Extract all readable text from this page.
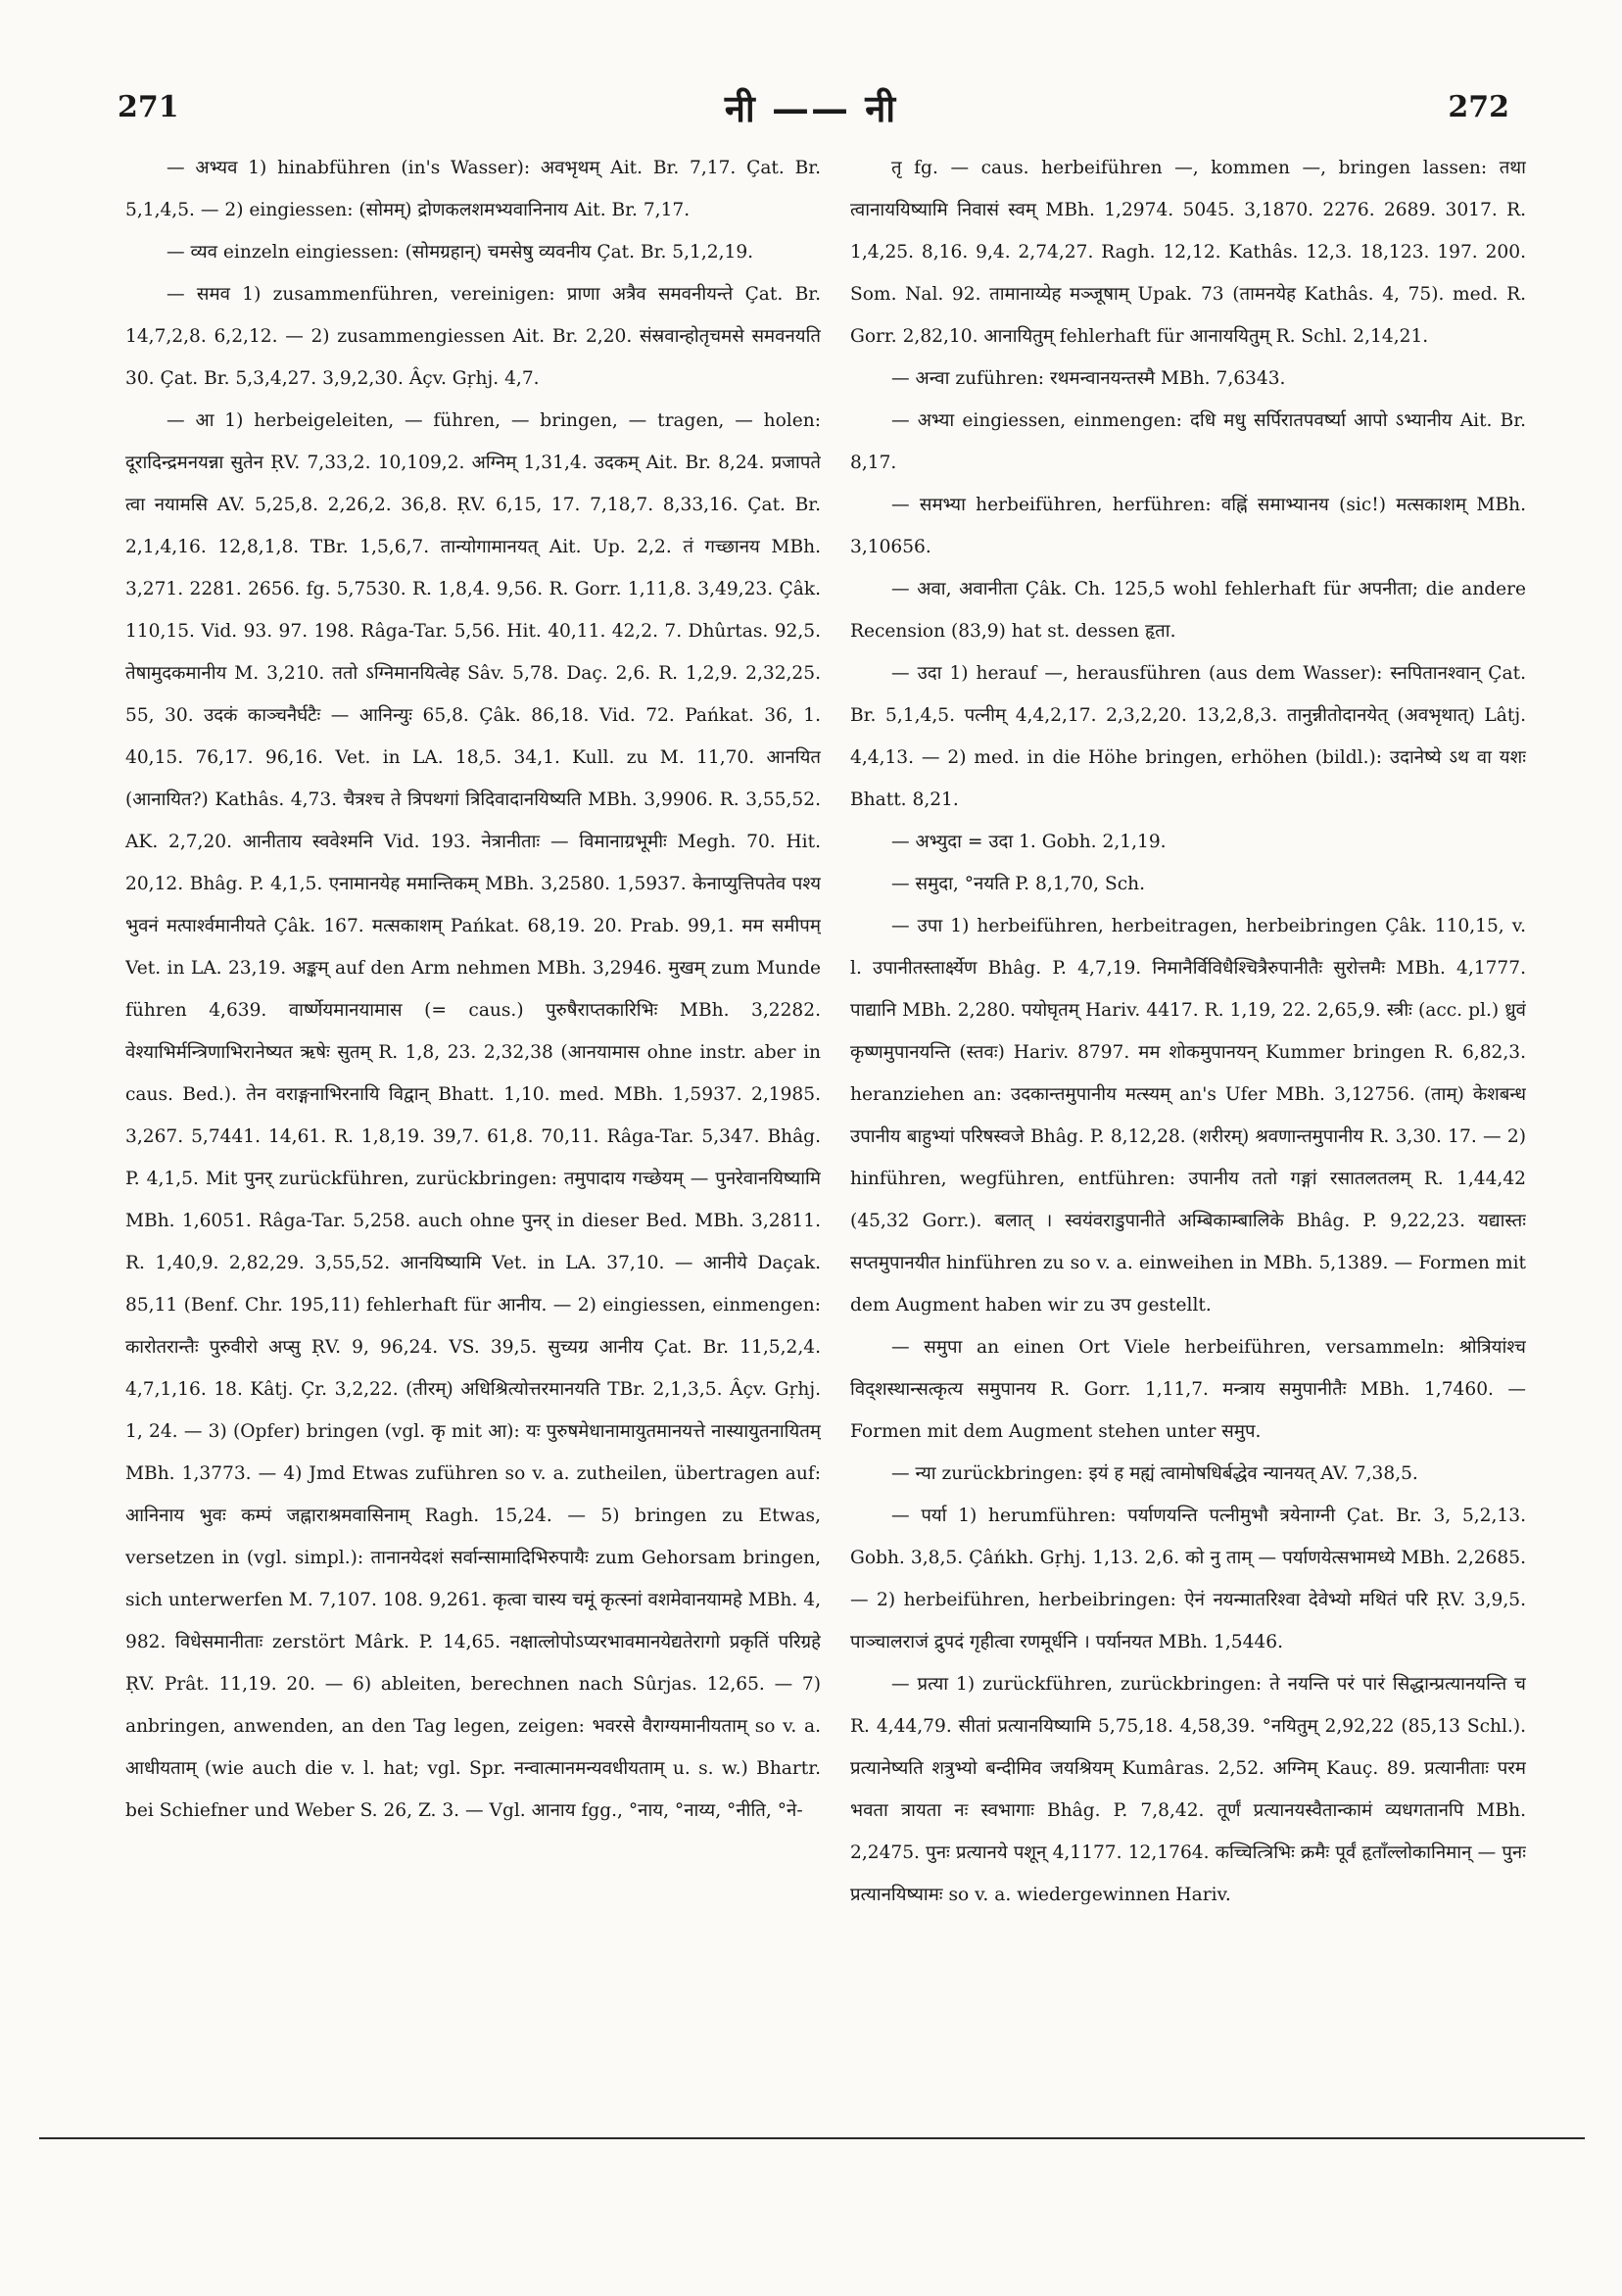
271	नी —— नी	272

— अभ्यव 1) hinabführen (in's Wasser): अवभृथम् Ait. Br. 7,17. Çat. Br. 5,1,4,5. — 2) eingiessen: (सोमम्) द्रोणकलशमभ्यवानिनाय Ait. Br. 7,17.

— व्यव einzeln eingiessen: (सोमग्रहान्) चमसेषु व्यवनीय Çat. Br. 5,1,2,19.

— समव 1) zusammenführen, vereinigen: प्राणा अत्रैव समवनीयन्ते Çat. Br. 14,7,2,8. 6,2,12. — 2) zusammengiessen Ait. Br. 2,20. संस्रवान्होतृचमसे समवनयति 30. Çat. Br. 5,3,4,27. 3,9,2,30. Âçv. Gṛhj. 4,7.

— आ 1) herbeigeleiten, — führen, — bringen, — tragen, — holen: दूरादिन्द्रमनयन्ना सुतेन ṚV. 7,33,2. 10,109,2. अग्निम् 1,31,4. उदकम् Ait. Br. 8,24. प्रजापते त्वा नयामसि AV. 5,25,8. 2,26,2. 36,8. ṚV. 6,15, 17. 7,18,7. 8,33,16. Çat. Br. 2,1,4,16. 12,8,1,8. TBr. 1,5,6,7. तान्योगामानयत् Ait. Up. 2,2. तं गच्छानय MBh. 3,271. 2281. 2656. fg. 5,7530. R. 1,8,4. 9,56. R. Gorr. 1,11,8. 3,49,23. Çâk. 110,15. Vid. 93. 97. 198. Râga-Tar. 5,56. Hit. 40,11. 42,2. 7. Dhûrtas. 92,5. तेषामुदकमानीय M. 3,210. ततो ऽग्निमानयित्वेह Sâv. 5,78. Daç. 2,6. R. 1,2,9. 2,32,25. 55, 30. उदकं काञ्चनैर्घटैः — आनिन्युः 65,8. Çâk. 86,18. Vid. 72. Pańkat. 36, 1. 40,15. 76,17. 96,16. Vet. in LA. 18,5. 34,1. Kull. zu M. 11,70. आनयित (आनायित?) Kathâs. 4,73. चैत्रश्च ते त्रिपथगां त्रिदिवादानयिष्यति MBh. 3,9906. R. 3,55,52. AK. 2,7,20. आनीताय स्ववेश्मनि Vid. 193. नेत्रानीताः — विमानाग्रभूमीः Megh. 70. Hit. 20,12. Bhâg. P. 4,1,5. एनामानयेह ममान्तिकम् MBh. 3,2580. 1,5937. केनाप्युत्तिपतेव पश्य भुवनं मत्पार्श्वमानीयते Çâk. 167. मत्सकाशम् Pańkat. 68,19. 20. Prab. 99,1. मम समीपम् Vet. in LA. 23,19. अङ्कम् auf den Arm nehmen MBh. 3,2946. मुखम् zum Munde führen 4,639. वार्ष्णेयमानयामास (= caus.) पुरुषैराप्तकारिभिः MBh. 3,2282. वेश्याभिर्मन्त्रिणाभिरानेष्यत ऋषेः सुतम् R. 1,8, 23. 2,32,38 (आनयामास ohne instr. aber in caus. Bed.). तेन वराङ्गनाभिरनायि विद्वान् Bhatt. 1,10. med. MBh. 1,5937. 2,1985. 3,267. 5,7441. 14,61. R. 1,8,19. 39,7. 61,8. 70,11. Râga-Tar. 5,347. Bhâg. P. 4,1,5. Mit पुनर् zurückführen, zurückbringen: तमुपादाय गच्छेयम् — पुनरेवानयिष्यामि MBh. 1,6051. Râga-Tar. 5,258. auch ohne पुनर् in dieser Bed. MBh. 3,2811. R. 1,40,9. 2,82,29. 3,55,52. आनयिष्यामि Vet. in LA. 37,10. — आनीये Daçak. 85,11 (Benf. Chr. 195,11) fehlerhaft für आनीय. — 2) eingiessen, einmengen: कारोतरान्तैः पुरुवीरो अप्सु ṚV. 9, 96,24. VS. 39,5. सुच्यग्र आनीय Çat. Br. 11,5,2,4. 4,7,1,16. 18. Kâtj. Çr. 3,2,22. (तीरम्) अधिश्रित्योत्तरमानयति TBr. 2,1,3,5. Âçv. Gṛhj. 1, 24. — 3) (Opfer) bringen (vgl. कृ mit आ): यः पुरुषमेधानामायुतमानयत्ते नास्यायुतनायितम् MBh. 1,3773. — 4) Jmd Etwas zuführen so v. a. zutheilen, übertragen auf: आनिनाय भुवः कम्पं जह्नाराश्रमवासिनाम् Ragh. 15,24. — 5) bringen zu Etwas, versetzen in (vgl. simpl.): तानानयेदशं सर्वान्सामादिभिरुपायैः zum Gehorsam bringen, sich unterwerfen M. 7,107. 108. 9,261. कृत्वा चास्य चमूं कृत्स्नां वशमेवानयामहे MBh. 4, 982. विधेसमानीताः zerstört Mârk. P. 14,65. नक्षात्लोपोऽप्यरभावमानयेद्यतेरागो प्रकृतिं परिग्रहे ṚV. Prât. 11,19. 20. — 6) ableiten, berechnen nach Sûrjas. 12,65. — 7) anbringen, anwenden, an den Tag legen, zeigen: भवरसे वैराग्यमानीयताम् so v. a. आधीयताम् (wie auch die v. l. hat; vgl. Spr. नन्वात्मानमन्यवधीयताम् u. s. w.) Bhartr. bei Schiefner und Weber S. 26, Z. 3. — Vgl. आनाय fgg., °नाय, °नाय्य, °नीति, °ने-

तृ fg. — caus. herbeiführen —, kommen —, bringen lassen: तथा त्वानाययिष्यामि निवासं स्वम् MBh. 1,2974. 5045. 3,1870. 2276. 2689. 3017. R. 1,4,25. 8,16. 9,4. 2,74,27. Ragh. 12,12. Kathâs. 12,3. 18,123. 197. 200. Som. Nal. 92. तामानाय्येह मञ्जूषाम् Upak. 73 (तामनयेह Kathâs. 4, 75). med. R. Gorr. 2,82,10. आनायितुम् fehlerhaft für आनाययितुम् R. Schl. 2,14,21.

— अन्वा zuführen: रथमन्वानयन्तस्मै MBh. 7,6343.

— अभ्या eingiessen, einmengen: दधि मधु सर्पिरातपवर्ष्या आपो ऽभ्यानीय Ait. Br. 8,17.

— समभ्या herbeiführen, herführen: वह्निं समाभ्यानय (sic!) मत्सकाशम् MBh. 3,10656.

— अवा, अवानीता Çâk. Ch. 125,5 wohl fehlerhaft für अपनीता; die andere Recension (83,9) hat st. dessen हृता.

— उदा 1) herauf —, herausführen (aus dem Wasser): स्नपितानश्वान् Çat. Br. 5,1,4,5. पत्नीम् 4,4,2,17. 2,3,2,20. 13,2,8,3. तानुन्नीतोदानयेत् (अवभृथात्) Lâtj. 4,4,13. — 2) med. in die Höhe bringen, erhöhen (bildl.): उदानेष्ये ऽथ वा यशः Bhatt. 8,21.

— अभ्युदा = उदा 1. Gobh. 2,1,19.

— समुदा, °नयति P. 8,1,70, Sch.

— उपा 1) herbeiführen, herbeitragen, herbeibringen Çâk. 110,15, v. l. उपानीतस्तार्क्ष्येण Bhâg. P. 4,7,19. निमानैर्विविधैश्चित्रैरुपानीतैः सुरोत्तमैः MBh. 4,1777. पाद्यानि MBh. 2,280. पयोघृतम् Hariv. 4417. R. 1,19, 22. 2,65,9. स्त्रीः (acc. pl.) ध्रुवं कृष्णमुपानयन्ति (स्तवः) Hariv. 8797. मम शोकमुपानयन् Kummer bringen R. 6,82,3. heranziehen an: उदकान्तमुपानीय मत्स्यम् an's Ufer MBh. 3,12756. (ताम्) केशबन्ध उपानीय बाहुभ्यां परिषस्वजे Bhâg. P. 8,12,28. (शरीरम्) श्रवणान्तमुपानीय R. 3,30. 17. — 2) hinführen, wegführen, entführen: उपानीय ततो गङ्गां रसातलतलम् R. 1,44,42 (45,32 Gorr.). बलात् । स्वयंवराडुपानीते अम्बिकाम्बालिके Bhâg. P. 9,22,23. यद्यास्तः सप्तमुपानयीत hinführen zu so v. a. einweihen in MBh. 5,1389. — Formen mit dem Augment haben wir zu उप gestellt.

— समुपा an einen Ort Viele herbeiführen, versammeln: श्रोत्रियांश्च विद्शस्थान्सत्कृत्य समुपानय R. Gorr. 1,11,7. मन्त्राय समुपानीतैः MBh. 1,7460. — Formen mit dem Augment stehen unter समुप.

— न्या zurückbringen: इयं ह मह्यं त्वामोषधिर्बद्धेव न्यानयत् AV. 7,38,5.

— पर्या 1) herumführen: पर्याणयन्ति पत्नीमुभौ त्रयेनाग्नी Çat. Br. 3, 5,2,13. Gobh. 3,8,5. Çâńkh. Gṛhj. 1,13. 2,6. को नु ताम् — पर्याणयेत्सभामध्ये MBh. 2,2685. — 2) herbeiführen, herbeibringen: ऐनं नयन्मातरिश्वा देवेभ्यो मथितं परि ṚV. 3,9,5. पाञ्चालराजं द्रुपदं गृहीत्वा रणमूर्धनि । पर्यानयत MBh. 1,5446.

— प्रत्या 1) zurückführen, zurückbringen: ते नयन्ति परं पारं सिद्धान्प्रत्यानयन्ति च R. 4,44,79. सीतां प्रत्यानयिष्यामि 5,75,18. 4,58,39. °नयितुम् 2,92,22 (85,13 Schl.). प्रत्यानेष्यति शत्रुभ्यो बन्दीमिव जयश्रियम् Kumâras. 2,52. अग्निम् Kauç. 89. प्रत्यानीताः परम भवता त्रायता नः स्वभागाः Bhâg. P. 7,8,42. तूर्णं प्रत्यानयस्वैतान्कामं व्यधगतानपि MBh. 2,2475. पुनः प्रत्यानये पशून् 4,1177. 12,1764. कच्चित्त्रिभिः क्रमैः पूर्वं हृताँल्लोकानिमान् — पुनः प्रत्यानयिष्यामः so v. a. wiedergewinnen Hariv.
